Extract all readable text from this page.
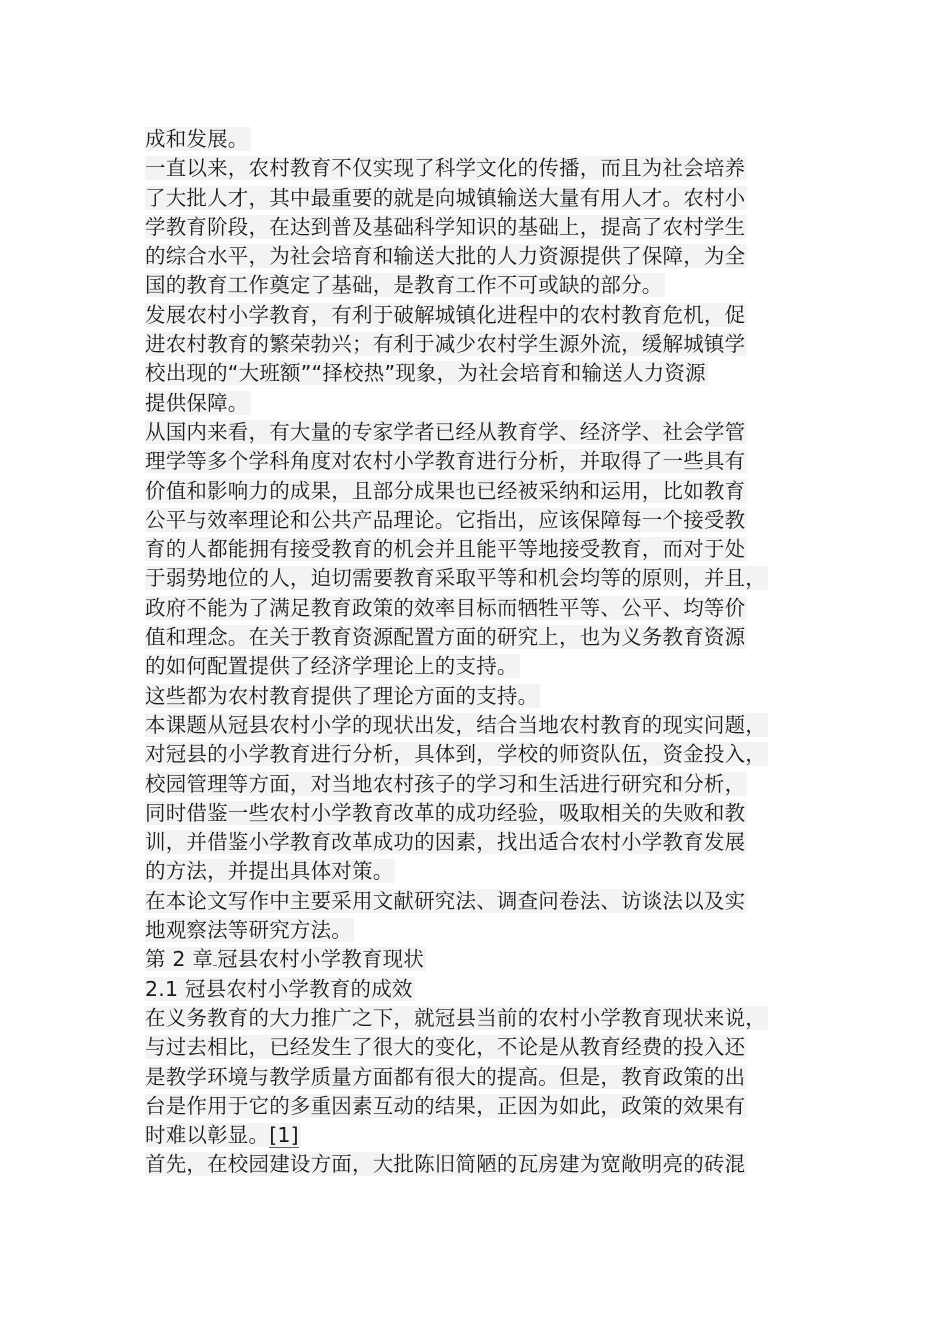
成和发展。
一直以来，农村教育不仅实现了科学文化的传播，而且为社会培养
了大批人才，其中最重要的就是向城镇输送大量有用人才。农村小
学教育阶段，在达到普及基础科学知识的基础上，提高了农村学生
的综合水平，为社会培育和输送大批的人力资源提供了保障，为全
国的教育工作奠定了基础，是教育工作不可或缺的部分。
发展农村小学教育，有利于破解城镇化进程中的农村教育危机，促
进农村教育的繁荣勃兴；有利于减少农村学生源外流，缓解城镇学
校出现的“大班额”“择校热”现象，为社会培育和输送人力资源
提供保障。
从国内来看，有大量的专家学者已经从教育学、经济学、社会学管
理学等多个学科角度对农村小学教育进行分析，并取得了一些具有
价值和影响力的成果，且部分成果也已经被采纳和运用，比如教育
公平与效率理论和公共产品理论。它指出，应该保障每一个接受教
育的人都能拥有接受教育的机会并且能平等地接受教育，而对于处
于弱势地位的人，迫切需要教育采取平等和机会均等的原则，并且，
政府不能为了满足教育政策的效率目标而牺牲平等、公平、均等价
值和理念。在关于教育资源配置方面的研究上，也为义务教育资源
的如何配置提供了经济学理论上的支持。
这些都为农村教育提供了理论方面的支持。
本课题从冠县农村小学的现状出发，结合当地农村教育的现实问题，
对冠县的小学教育进行分析，具体到，学校的师资队伍，资金投入，
校园管理等方面，对当地农村孩子的学习和生活进行研究和分析，
同时借鉴一些农村小学教育改革的成功经验，吸取相关的失败和教
训，并借鉴小学教育改革成功的因素，找出适合农村小学教育发展
的方法，并提出具体对策。
在本论文写作中主要采用文献研究法、调查问卷法、访谈法以及实
地观察法等研究方法。
第 2 章 冠县农村小学教育现状
2.1 冠县农村小学教育的成效
在义务教育的大力推广之下，就冠县当前的农村小学教育现状来说，
与过去相比，已经发生了很大的变化，不论是从教育经费的投入还
是教学环境与教学质量方面都有很大的提高。但是，教育政策的出
台是作用于它的多重因素互动的结果，正因为如此，政策的效果有
时难以彰显。[1]
首先，在校园建设方面，大批陈旧简陋的瓦房建为宽敞明亮的砖混
